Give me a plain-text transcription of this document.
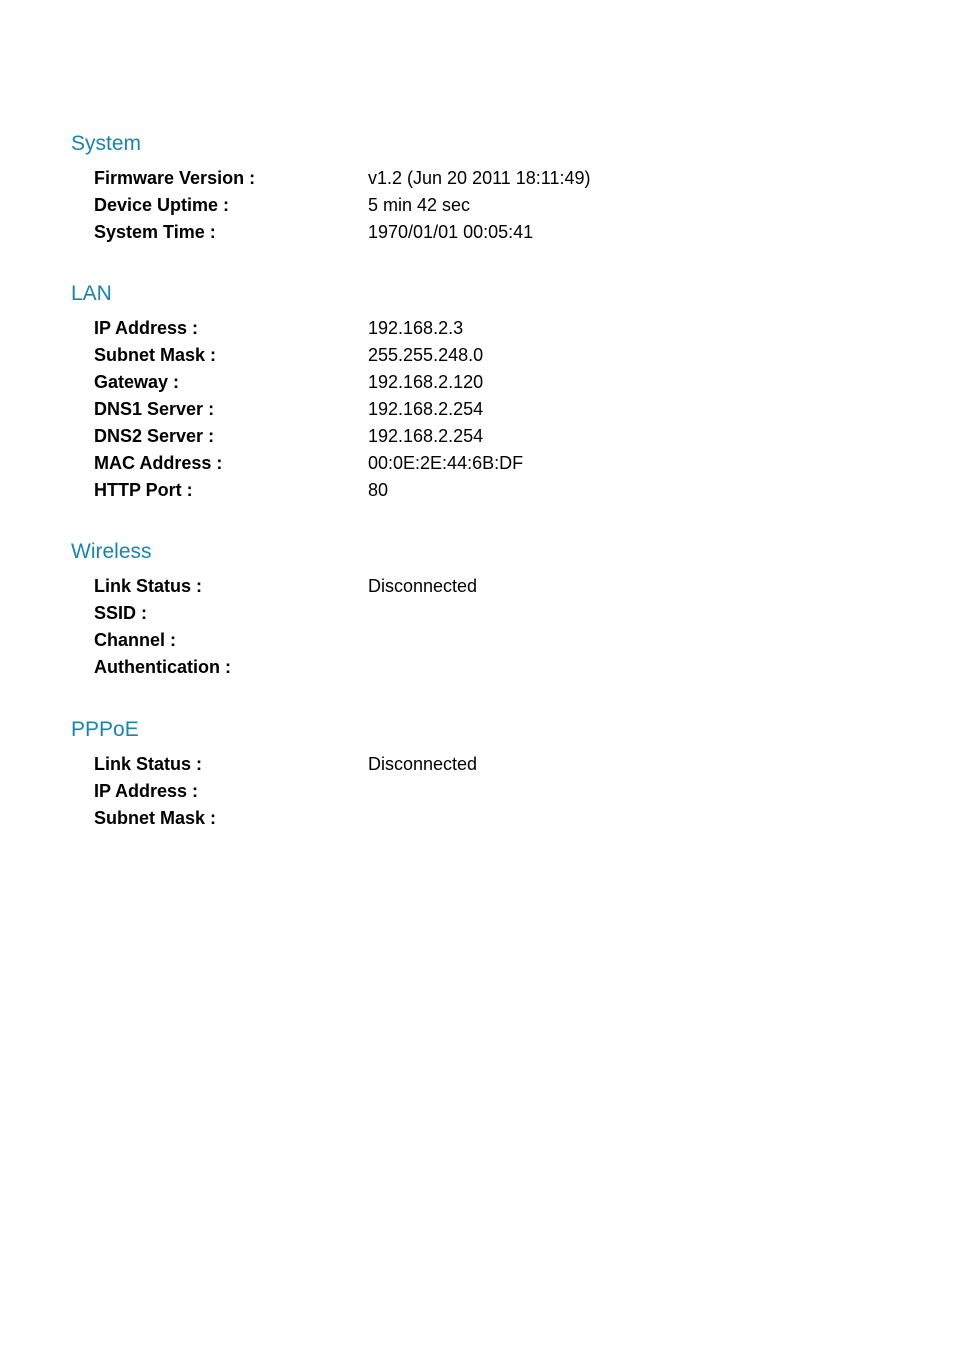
System
Firmware Version :	v1.2 (Jun 20 2011 18:11:49)
Device Uptime :	5 min 42 sec
System Time :	1970/01/01 00:05:41
LAN
IP Address :	192.168.2.3
Subnet Mask :	255.255.248.0
Gateway :	192.168.2.120
DNS1 Server :	192.168.2.254
DNS2 Server :	192.168.2.254
MAC Address :	00:0E:2E:44:6B:DF
HTTP Port :	80
Wireless
Link Status :	Disconnected
SSID :
Channel :
Authentication :
PPPoE
Link Status :	Disconnected
IP Address :
Subnet Mask :
